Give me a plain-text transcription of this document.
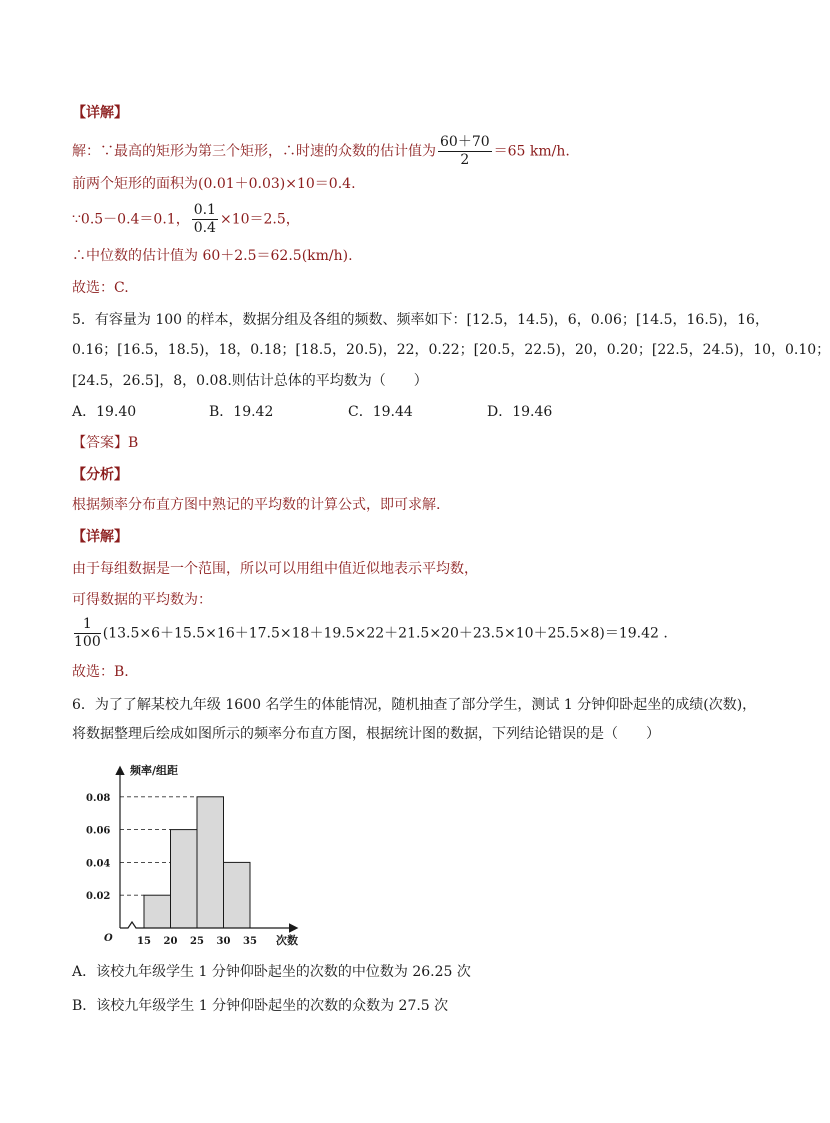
【详解】
解：∵最高的矩形为第三个矩形，∴时速的众数的估计值为 $\frac{60+70}{2} =65$ km/h.
前两个矩形的面积为(0.01＋0.03)×10＝0.4.
∵0.5－0.4＝0.1， $\frac{0.1}{0.4} \times 10=2.5$，
∴中位数的估计值为 60＋2.5＝62.5(km/h).
故选：C.
5．有容量为 100 的样本，数据分组及各组的频数、频率如下：[12.5，14.5)，6，0.06；[14.5，16.5)，16，
0.16；[16.5，18.5)，18，0.18；[18.5，20.5)，22，0.22；[20.5，22.5)，20，0.20；[22.5，24.5)，10，0.10；
[24.5，26.5]，8，0.08.则估计总体的平均数为（　　）
A．19.40	B．19.42	C．19.44	D．19.46
【答案】B
【分析】
根据频率分布直方图中熟记的平均数的计算公式，即可求解.
【详解】
由于每组数据是一个范围，所以可以用组中值近似地表示平均数，
可得数据的平均数为：
$\frac{1}{100} (13.5\times 6+15.5\times 16+17.5\times 18+19.5\times 22+21.5\times 20+23.5\times 10+25.5\times 8)=19.42$ .
故选：B.
6．为了了解某校九年级 1600 名学生的体能情况，随机抽查了部分学生，测试 1 分钟仰卧起坐的成绩(次数)，
将数据整理后绘成如图所示的频率分布直方图，根据统计图的数据，下列结论错误的是（　　）
0.02
0.04
0.06
0.08
15 20 25 30 35
O
频率/组距
次数
A．该校九年级学生 1 分钟仰卧起坐的次数的中位数为 26.25 次
B．该校九年级学生 1 分钟仰卧起坐的次数的众数为 27.5 次
